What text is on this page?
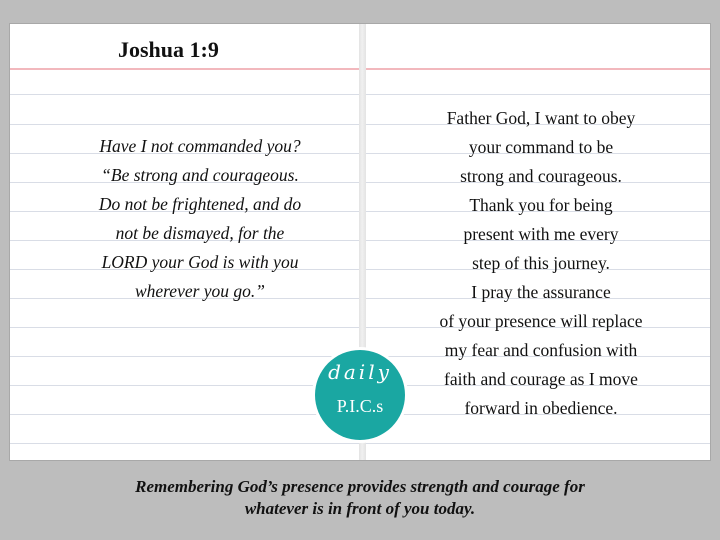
Joshua 1:9
Have I not commanded you?
“Be strong and courageous.
Do not be frightened, and do
not be dismayed, for the
LORD your God is with you
wherever you go.”
Father God, I want to obey
your command to be
strong and courageous.
Thank you for being
present with me every
step of this journey.
I pray the assurance
of your presence will replace
my fear and confusion with
faith and courage as I move
forward in obedience.
daily
P.I.C.s
Remembering God’s presence provides strength and courage for
whatever is in front of you today.
